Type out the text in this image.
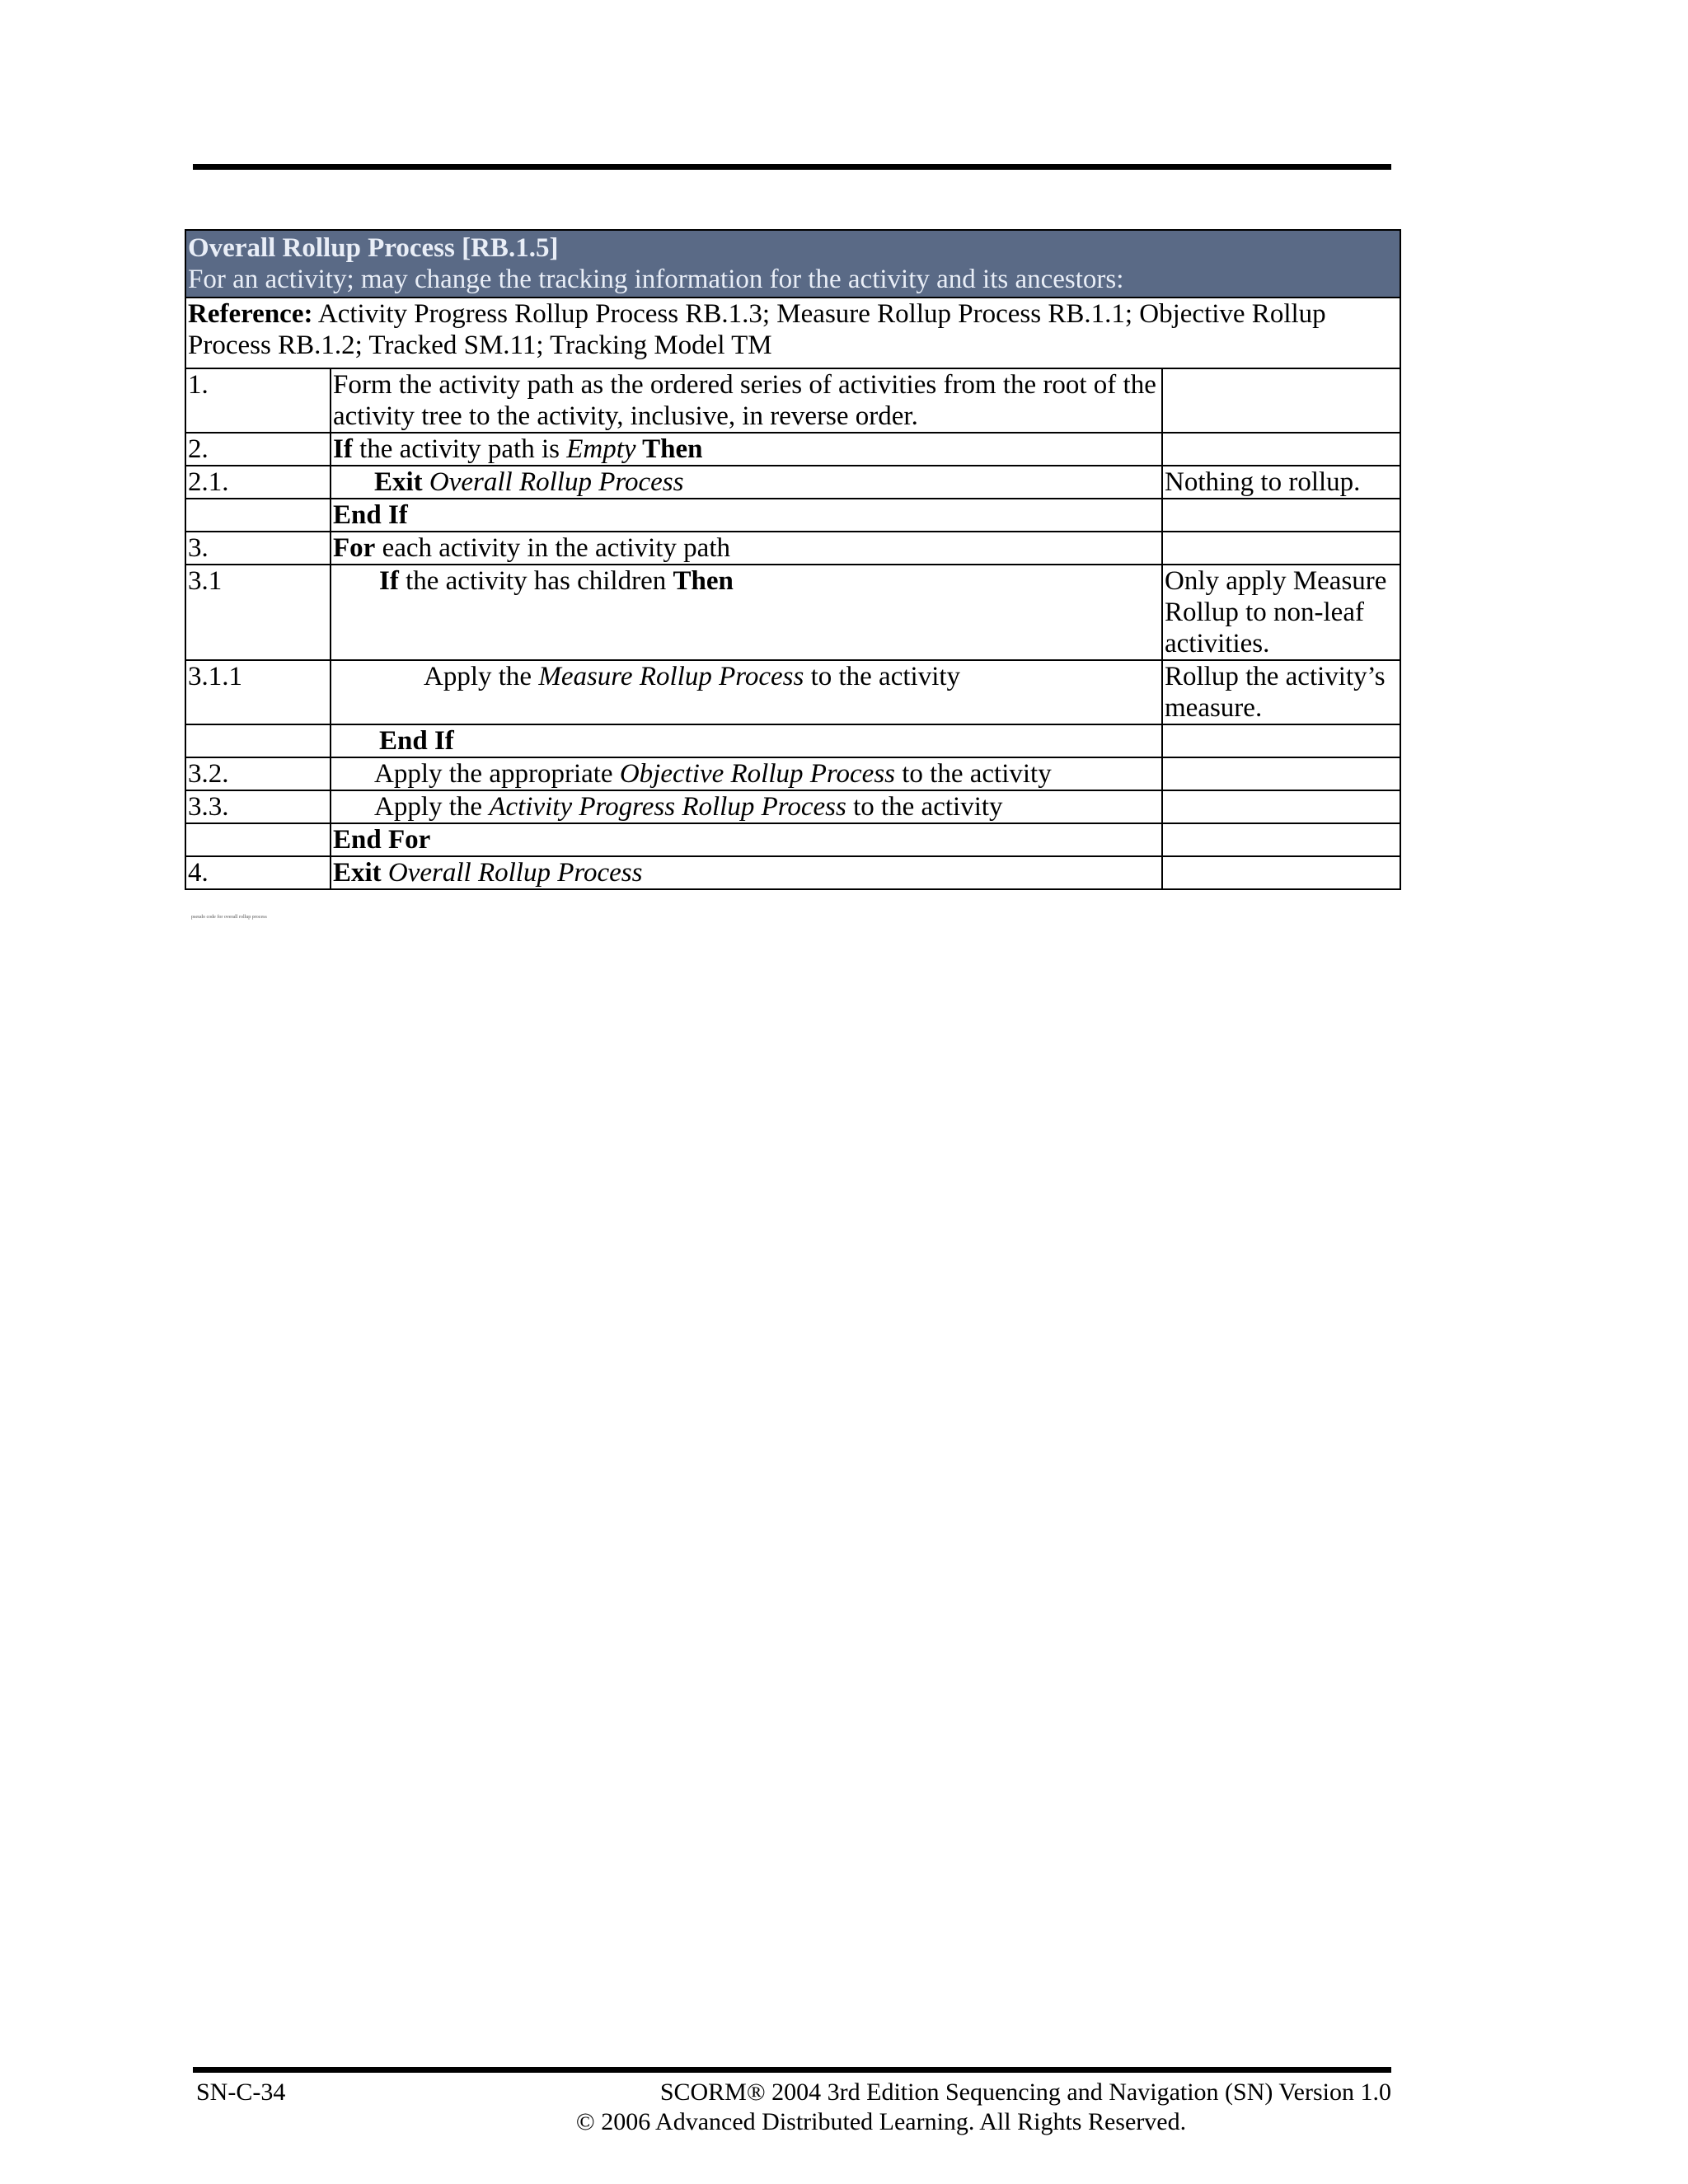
Overall Rollup Process [RB.1.5]
For an activity; may change the tracking information for the activity and its ancestors:		

Reference: Activity Progress Rollup Process RB.1.3; Measure Rollup Process RB.1.1; Objective Rollup Process RB.1.2; Tracked SM.11; Tracking Model TM		
1.	Form the activity path as the ordered series of activities from the root of the activity tree to the activity, inclusive, in reverse order.	
2.	If the activity path is Empty Then	
2.1.	Exit Overall Rollup Process	Nothing to rollup.
	End If	
3.	For each activity in the activity path	
3.1	If the activity has children Then	Only apply Measure Rollup to non-leaf activities.
3.1.1	Apply the Measure Rollup Process to the activity	Rollup the activity’s measure.
	End If	
3.2.	Apply the appropriate Objective Rollup Process to the activity	
3.3.	Apply the Activity Progress Rollup Process to the activity	
	End For	
4.	Exit Overall Rollup Process	
pseudo code for overall rollup process
SN-C-34	SCORM® 2004 3rd Edition Sequencing and Navigation (SN) Version 1.0
© 2006 Advanced Distributed Learning. All Rights Reserved.
